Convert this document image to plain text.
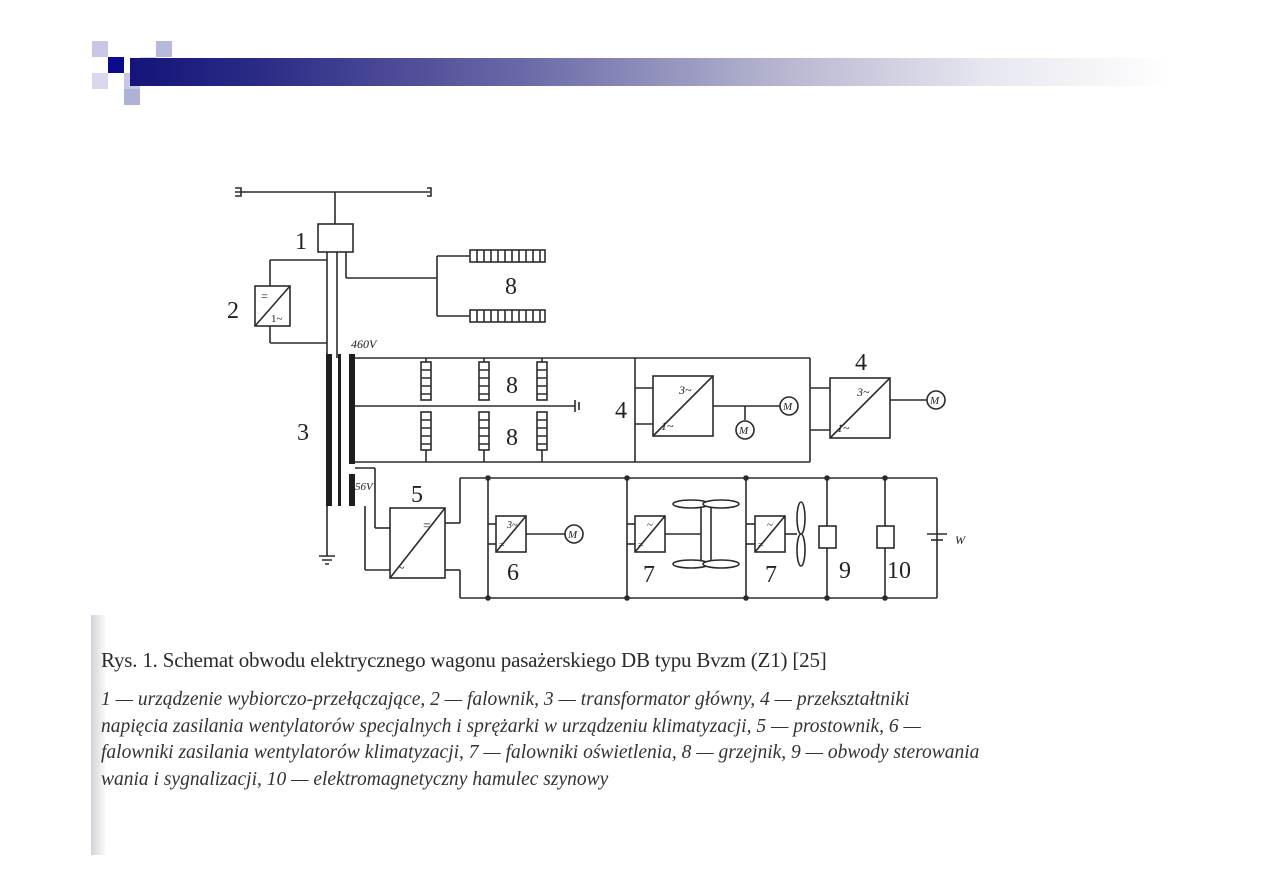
1
8
=
1~
2
3
460V
56V
8
8
3~
1~
4	M
M
3~
1~
4
M
=
~
5
3~
=
M
6
~
=
7
~
=
7	9 10
W
Rys. 1. Schemat obwodu elektrycznego wagonu pasażerskiego DB typu Bvzm (Z1) [25]
1 — urządzenie wybiorczo-przełączające, 2 — falownik, 3 — transformator główny, 4 — przekształtniki
napięcia zasilania wentylatorów specjalnych i sprężarki w urządzeniu klimatyzacji, 5 — prostownik, 6 —
falowniki zasilania wentylatorów klimatyzacji, 7 — falowniki oświetlenia, 8 — grzejnik, 9 — obwody sterowania
wania i sygnalizacji, 10 — elektromagnetyczny hamulec szynowy
